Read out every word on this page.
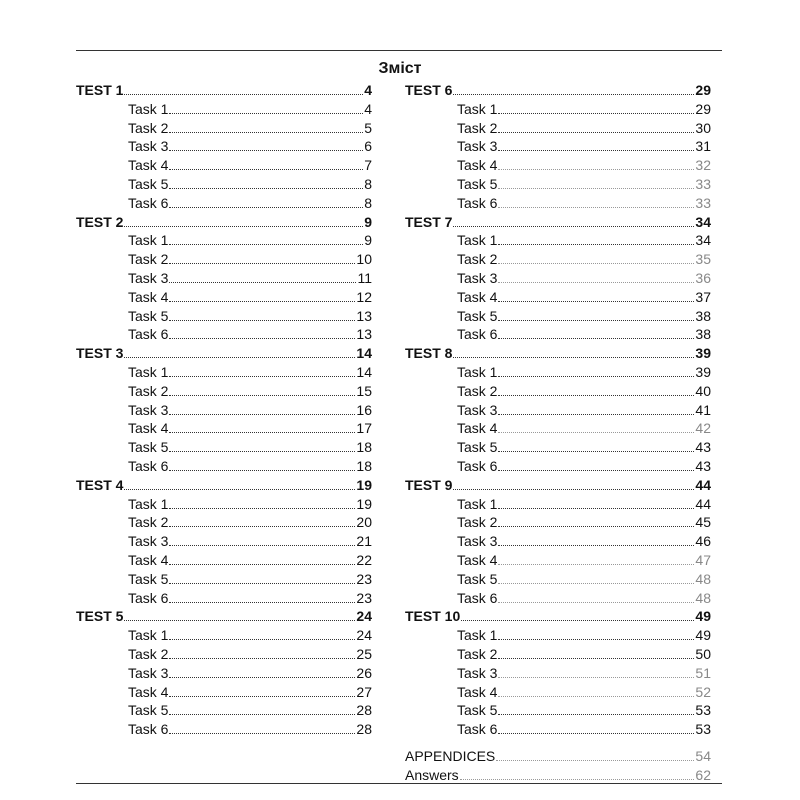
Зміст
TEST 1	4
Task 1	4
Task 2	5
Task 3	6
Task 4	7
Task 5	8
Task 6	8
TEST 2	9
Task 1	9
Task 2	10
Task 3	11
Task 4	12
Task 5	13
Task 6	13
TEST 3	14
Task 1	14
Task 2	15
Task 3	16
Task 4	17
Task 5	18
Task 6	18
TEST 4	19
Task 1	19
Task 2	20
Task 3	21
Task 4	22
Task 5	23
Task 6	23
TEST 5	24
Task 1	24
Task 2	25
Task 3	26
Task 4	27
Task 5	28
Task 6	28
TEST 6	29
Task 1	29
Task 2	30
Task 3	31
Task 4	32
Task 5	33
Task 6	33
TEST 7	34
Task 1	34
Task 2	35
Task 3	36
Task 4	37
Task 5	38
Task 6	38
TEST 8	39
Task 1	39
Task 2	40
Task 3	41
Task 4	42
Task 5	43
Task 6	43
TEST 9	44
Task 1	44
Task 2	45
Task 3	46
Task 4	47
Task 5	48
Task 6	48
TEST 10	49
Task 1	49
Task 2	50
Task 3	51
Task 4	52
Task 5	53
Task 6	53
APPENDICES	54
Answers	62
